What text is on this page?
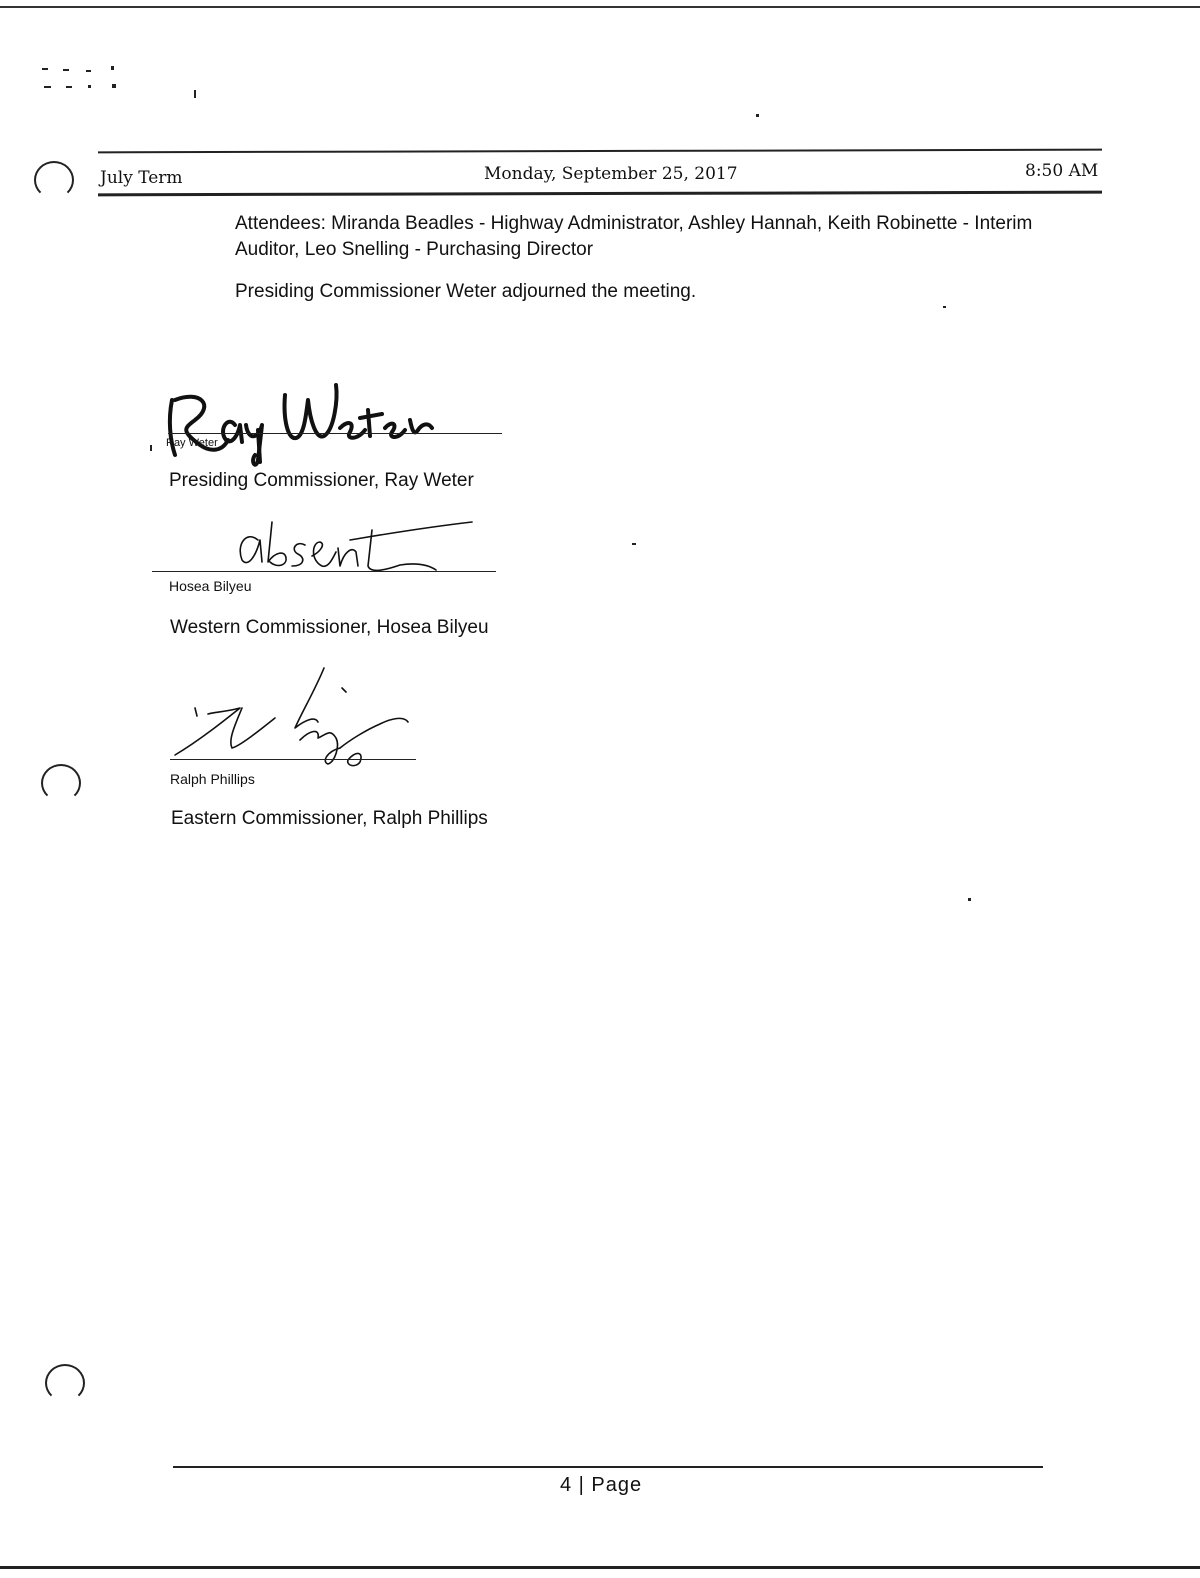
July Term	Monday, September 25, 2017	8:50 AM
Attendees: Miranda Beadles - Highway Administrator, Ashley Hannah, Keith Robinette - Interim Auditor, Leo Snelling - Purchasing Director
Presiding Commissioner Weter adjourned the meeting.
Ray Weter
Presiding Commissioner, Ray Weter
Hosea Bilyeu
Western Commissioner, Hosea Bilyeu
Ralph Phillips
Eastern Commissioner, Ralph Phillips
4 | Page
